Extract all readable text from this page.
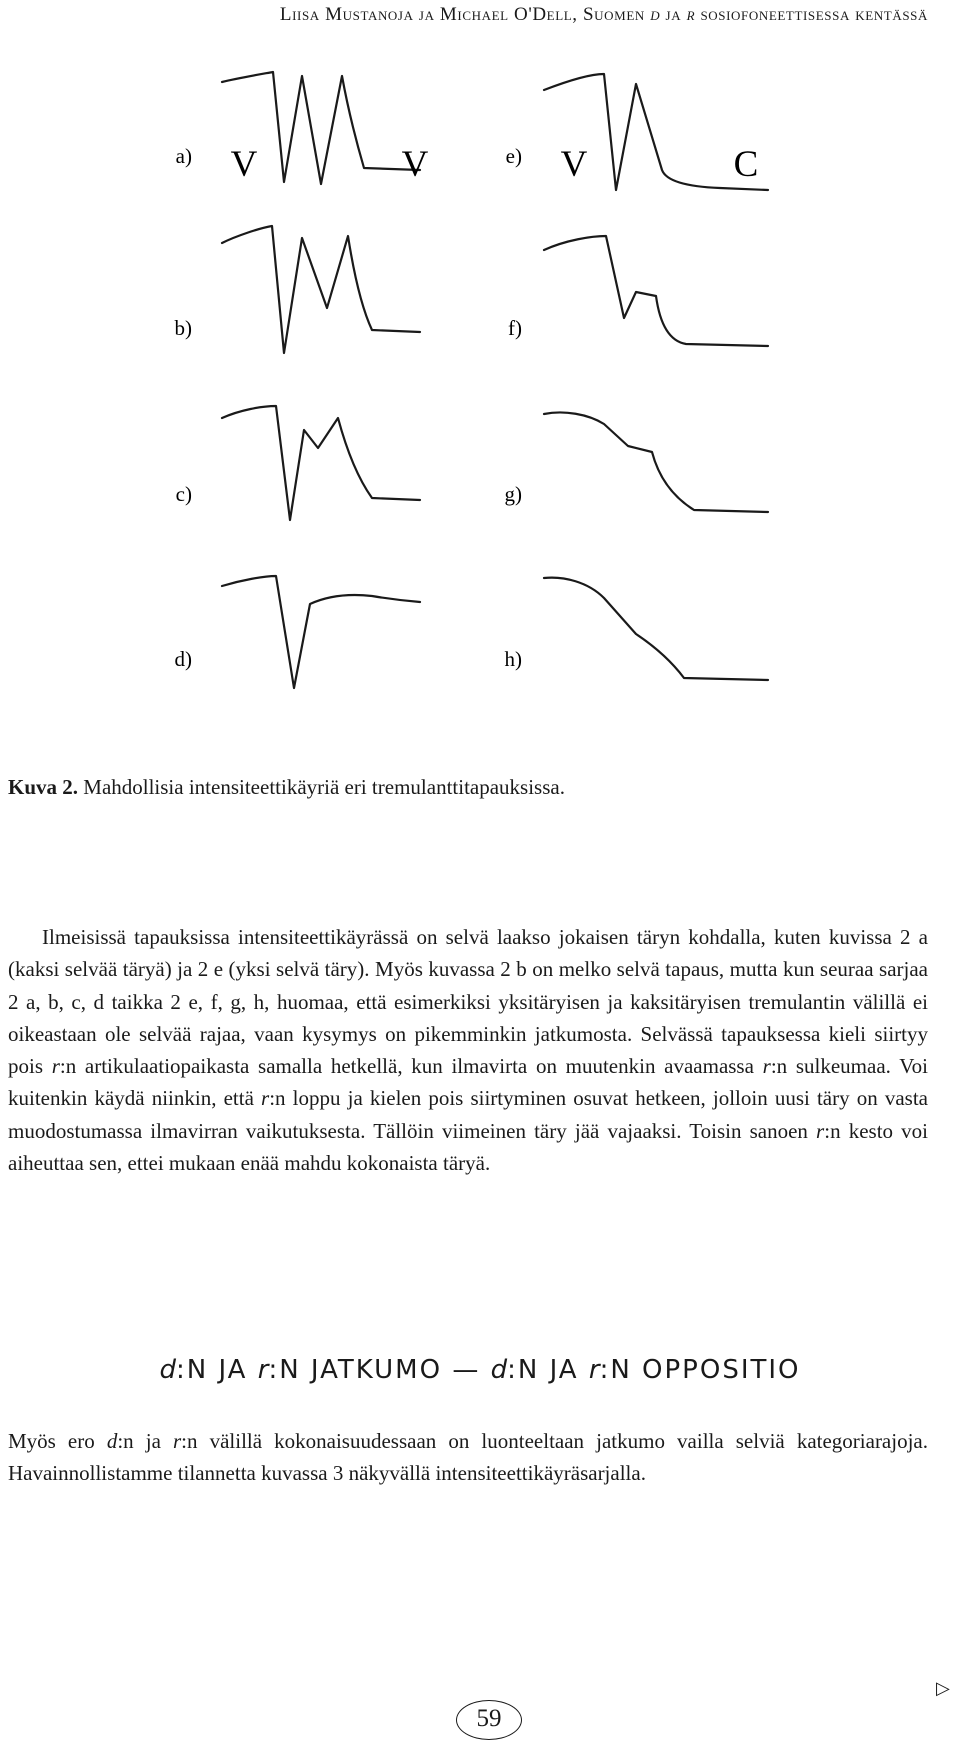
Liisa Mustanoja ja Michael O'Dell, Suomen d ja r sosiofoneettisessa kentässä
a)
b)
c)
d)
e)
f)
g)
h)
V	V	V	C
Kuva 2. Mahdollisia intensiteettikäyriä eri tremulanttitapauksissa.

Ilmeisissä tapauksissa intensiteettikäyrässä on selvä laakso jokaisen täryn kohdalla, kuten kuvissa 2 a (kaksi selvää täryä) ja 2 e (yksi selvä täry). Myös kuvassa 2 b on melko selvä tapaus, mutta kun seuraa sarjaa 2 a, b, c, d taikka 2 e, f, g, h, huomaa, että esimerkiksi yksitäryisen ja kaksitäryisen tremulantin välillä ei oikeastaan ole selvää rajaa, vaan kysymys on pikemminkin jatkumosta. Selvässä tapauksessa kieli siirtyy pois r:n artikulaatiopaikasta samalla hetkellä, kun ilmavirta on muutenkin avaamassa r:n sulkeumaa. Voi kuitenkin käydä niinkin, että r:n loppu ja kielen pois siirtyminen osuvat hetkeen, jolloin uusi täry on vasta muodostumassa ilmavirran vaikutuksesta. Tällöin viimeinen täry jää vajaaksi. Toisin sanoen r:n kesto voi aiheuttaa sen, ettei mukaan enää mahdu kokonaista täryä.

d:N JA r:N JATKUMO — d:N JA r:N OPPOSITIO

Myös ero d:n ja r:n välillä kokonaisuudessaan on luonteeltaan jatkumo vailla selviä kategoriarajoja. Havainnollistamme tilannetta kuvassa 3 näkyvällä intensiteettikäyräsarjalla.

▷
59
